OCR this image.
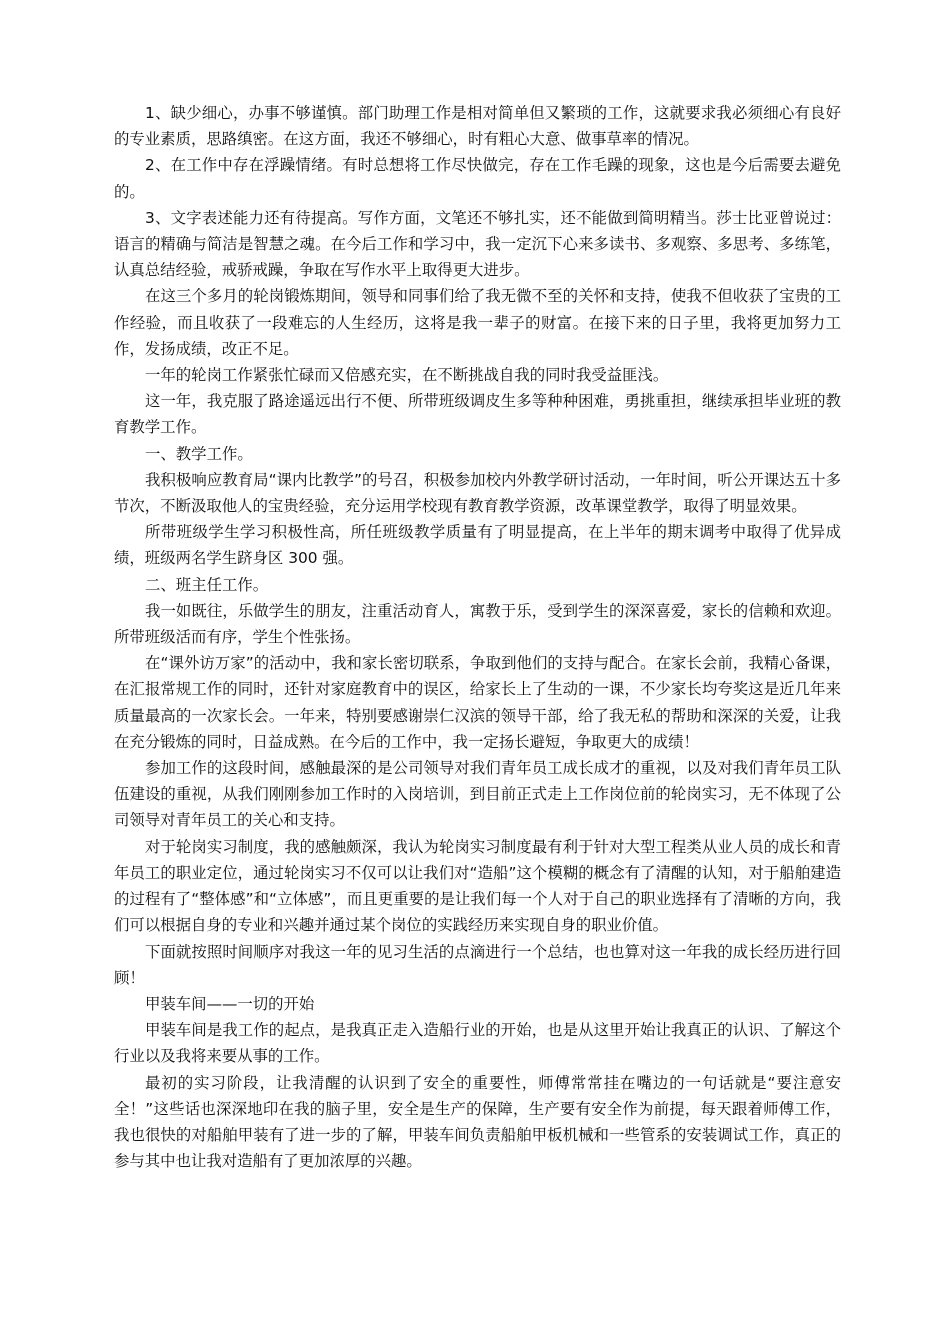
1、缺少细心，办事不够谨慎。部门助理工作是相对简单但又繁琐的工作，这就要求我必须细心有良好的专业素质，思路缜密。在这方面，我还不够细心，时有粗心大意、做事草率的情况。

2、在工作中存在浮躁情绪。有时总想将工作尽快做完，存在工作毛躁的现象，这也是今后需要去避免的。

3、文字表述能力还有待提高。写作方面，文笔还不够扎实，还不能做到简明精当。莎士比亚曾说过：语言的精确与简洁是智慧之魂。在今后工作和学习中，我一定沉下心来多读书、多观察、多思考、多练笔，认真总结经验，戒骄戒躁，争取在写作水平上取得更大进步。

在这三个多月的轮岗锻炼期间，领导和同事们给了我无微不至的关怀和支持，使我不但收获了宝贵的工作经验，而且收获了一段难忘的人生经历，这将是我一辈子的财富。在接下来的日子里，我将更加努力工作，发扬成绩，改正不足。

一年的轮岗工作紧张忙碌而又倍感充实，在不断挑战自我的同时我受益匪浅。

这一年，我克服了路途遥远出行不便、所带班级调皮生多等种种困难，勇挑重担，继续承担毕业班的教育教学工作。

一、教学工作。

我积极响应教育局“课内比教学”的号召，积极参加校内外教学研讨活动，一年时间，听公开课达五十多节次，不断汲取他人的宝贵经验，充分运用学校现有教育教学资源，改革课堂教学，取得了明显效果。

所带班级学生学习积极性高，所任班级教学质量有了明显提高，在上半年的期末调考中取得了优异成绩，班级两名学生跻身区 300 强。

二、班主任工作。

我一如既往，乐做学生的朋友，注重活动育人，寓教于乐，受到学生的深深喜爱，家长的信赖和欢迎。所带班级活而有序，学生个性张扬。

在“课外访万家”的活动中，我和家长密切联系，争取到他们的支持与配合。在家长会前，我精心备课，在汇报常规工作的同时，还针对家庭教育中的误区，给家长上了生动的一课，不少家长均夸奖这是近几年来质量最高的一次家长会。一年来，特别要感谢崇仁汉滨的领导干部，给了我无私的帮助和深深的关爱，让我在充分锻炼的同时，日益成熟。在今后的工作中，我一定扬长避短，争取更大的成绩！

参加工作的这段时间，感触最深的是公司领导对我们青年员工成长成才的重视，以及对我们青年员工队伍建设的重视，从我们刚刚参加工作时的入岗培训，到目前正式走上工作岗位前的轮岗实习，无不体现了公司领导对青年员工的关心和支持。

对于轮岗实习制度，我的感触颇深，我认为轮岗实习制度最有利于针对大型工程类从业人员的成长和青年员工的职业定位，通过轮岗实习不仅可以让我们对“造船”这个模糊的概念有了清醒的认知，对于船舶建造的过程有了“整体感”和“立体感”，而且更重要的是让我们每一个人对于自己的职业选择有了清晰的方向，我们可以根据自身的专业和兴趣并通过某个岗位的实践经历来实现自身的职业价值。

下面就按照时间顺序对我这一年的见习生活的点滴进行一个总结，也也算对这一年我的成长经历进行回顾！

甲装车间——一切的开始

甲装车间是我工作的起点，是我真正走入造船行业的开始，也是从这里开始让我真正的认识、了解这个行业以及我将来要从事的工作。

最初的实习阶段，让我清醒的认识到了安全的重要性，师傅常常挂在嘴边的一句话就是“要注意安全！”这些话也深深地印在我的脑子里，安全是生产的保障，生产要有安全作为前提，每天跟着师傅工作，我也很快的对船舶甲装有了进一步的了解，甲装车间负责船舶甲板机械和一些管系的安装调试工作，真正的参与其中也让我对造船有了更加浓厚的兴趣。
